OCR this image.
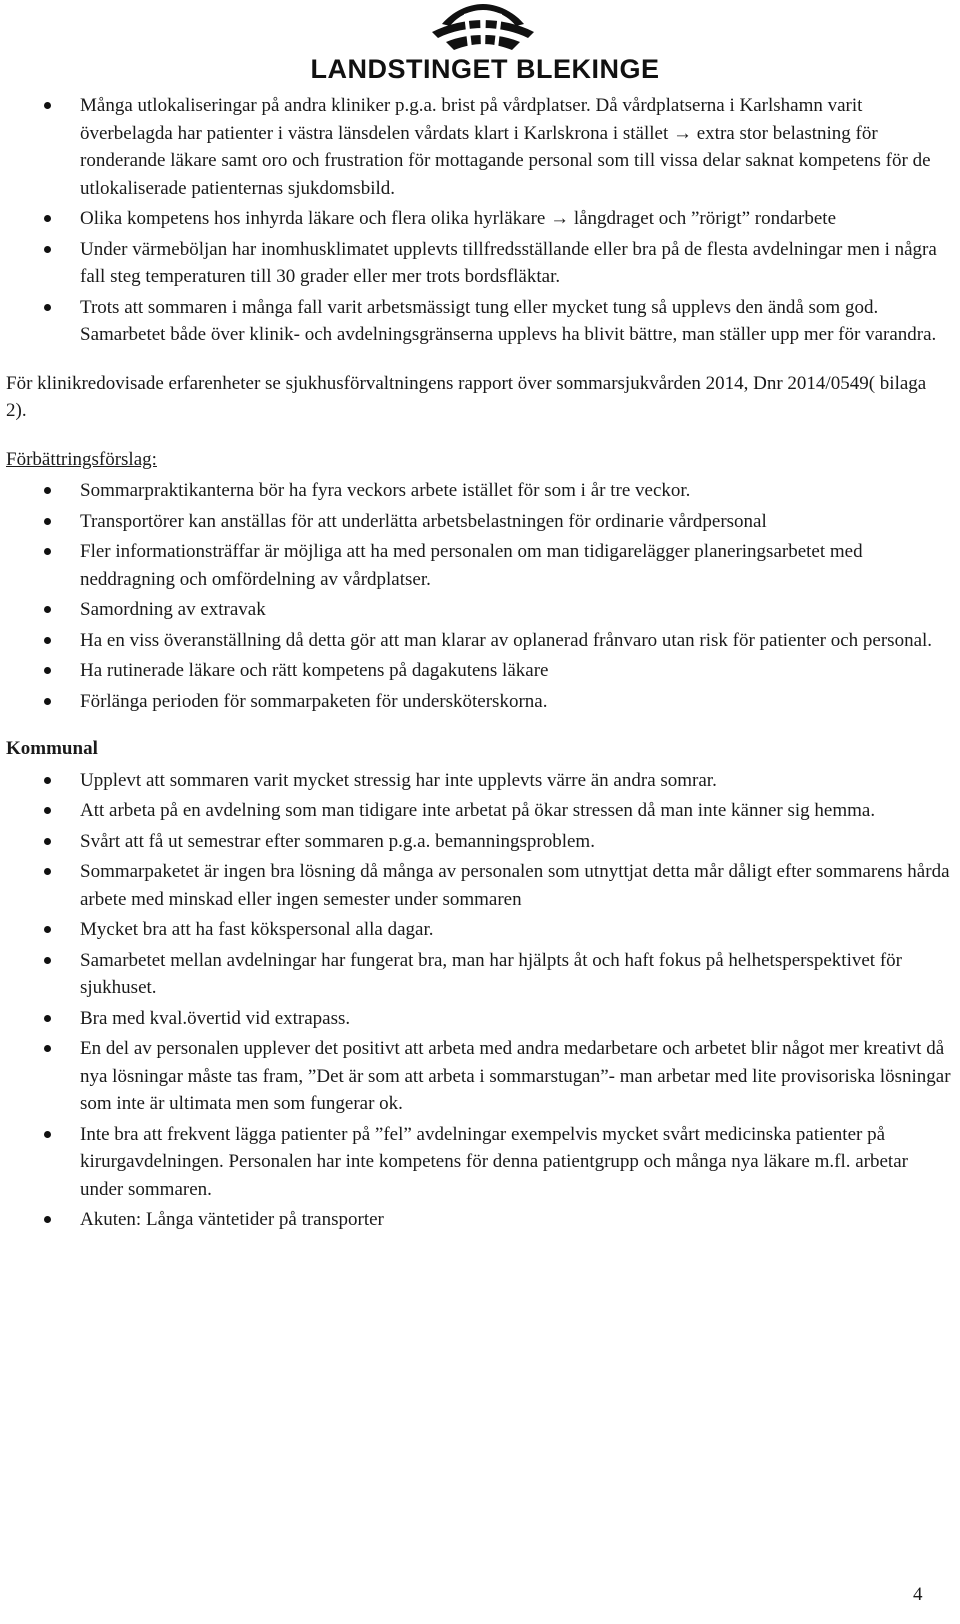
LANDSTINGET BLEKINGE
Många utlokaliseringar på andra kliniker p.g.a. brist på vårdplatser. Då vårdplatserna i Karlshamn varit överbelagda har patienter i västra länsdelen vårdats klart i Karlskrona i stället → extra stor belastning för ronderande läkare samt oro och frustration för mottagande personal som till vissa delar saknat kompetens för de utlokaliserade patienternas sjukdomsbild.
Olika kompetens hos inhyrda läkare och flera olika hyrläkare → långdraget och ”rörigt” rondarbete
Under värmeböljan har inomhusklimatet upplevts tillfredsställande eller bra på de flesta avdelningar men i några fall steg temperaturen till 30 grader eller mer trots bordsfläktar.
Trots att sommaren i många fall varit arbetsmässigt tung eller mycket tung så upplevs den ändå som god. Samarbetet både över klinik- och avdelningsgränserna upplevs ha blivit bättre, man ställer upp mer för varandra.

För klinikredovisade erfarenheter se sjukhusförvaltningens rapport över sommarsjukvården 2014, Dnr 2014/0549( bilaga 2).

Förbättringsförslag:
Sommarpraktikanterna bör ha fyra veckors arbete istället för som i år tre veckor.
Transportörer kan anställas för att underlätta arbetsbelastningen för ordinarie vårdpersonal
Fler informationsträffar är möjliga att ha med personalen om man tidigarelägger planeringsarbetet med neddragning och omfördelning av vårdplatser.
Samordning av extravak
Ha en viss överanställning då detta gör att man klarar av oplanerad frånvaro utan risk för patienter och personal.
Ha rutinerade läkare och rätt kompetens på dagakutens läkare
Förlänga perioden för sommarpaketen för undersköterskorna.
Kommunal
Upplevt att sommaren varit mycket stressig har inte upplevts värre än andra somrar.
Att arbeta på en avdelning som man tidigare inte arbetat på ökar stressen då man inte känner sig hemma.
Svårt att få ut semestrar efter sommaren p.g.a. bemanningsproblem.
Sommarpaketet är ingen bra lösning då många av personalen som utnyttjat detta mår dåligt efter sommarens hårda arbete med minskad eller ingen semester under sommaren
Mycket bra att ha fast kökspersonal alla dagar.
Samarbetet mellan avdelningar har fungerat bra, man har hjälpts åt och haft fokus på helhetsperspektivet för sjukhuset.
Bra med kval.övertid vid extrapass.
En del av personalen upplever det positivt att arbeta med andra medarbetare och arbetet blir något mer kreativt då nya lösningar måste tas fram, ”Det är som att arbeta i sommarstugan”- man arbetar med lite provisoriska lösningar som inte är ultimata men som fungerar ok.
Inte bra att frekvent lägga patienter på ”fel” avdelningar exempelvis mycket svårt medicinska patienter på kirurgavdelningen. Personalen har inte kompetens för denna patientgrupp och många nya läkare m.fl. arbetar under sommaren.
Akuten: Långa väntetider på transporter
4
